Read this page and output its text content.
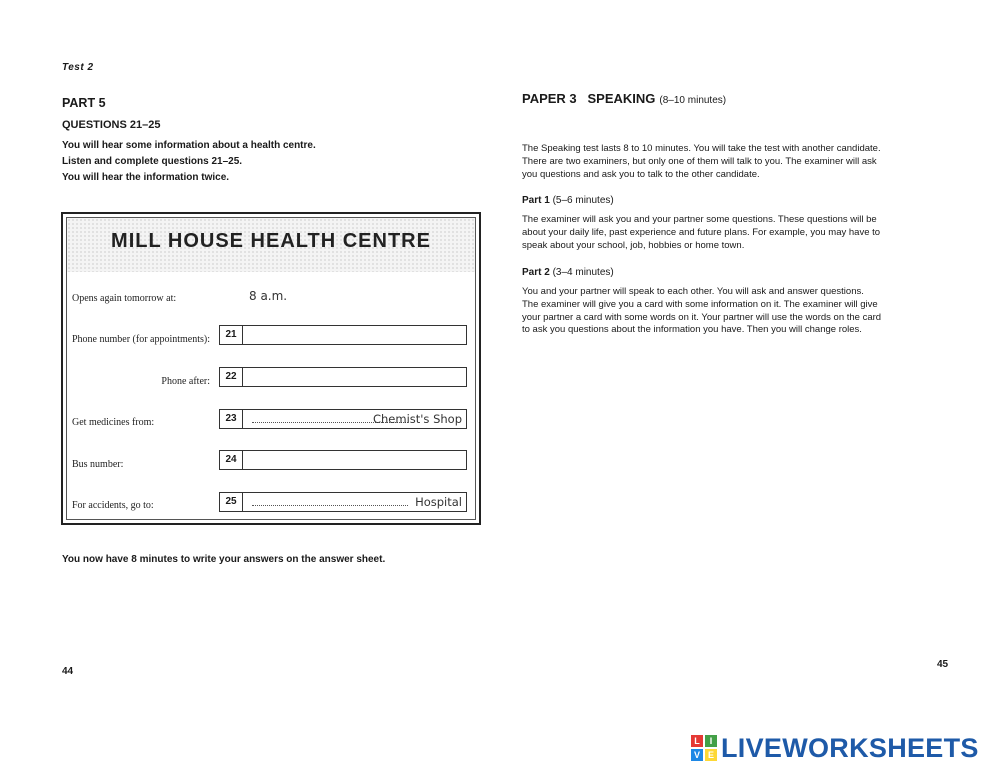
Test 2
PART 5
QUESTIONS 21–25
You will hear some information about a health centre.
Listen and complete questions 21–25.
You will hear the information twice.
MILL HOUSE HEALTH CENTRE
Opens again tomorrow at:	8 a.m.
Phone number (for appointments):	21
Phone after:	22
Get medicines from:	23	Chemist's Shop
Bus number:	24
For accidents, go to:	25	Hospital
You now have 8 minutes to write your answers on the answer sheet.
44
PAPER 3   SPEAKING (8–10 minutes)
The Speaking test lasts 8 to 10 minutes. You will take the test with another candidate. There are two examiners, but only one of them will talk to you. The examiner will ask you questions and ask you to talk to the other candidate.
Part 1 (5–6 minutes)
The examiner will ask you and your partner some questions. These questions will be about your daily life, past experience and future plans. For example, you may have to speak about your school, job, hobbies or home town.
Part 2 (3–4 minutes)
You and your partner will speak to each other. You will ask and answer questions. The examiner will give you a card with some information on it. The examiner will give your partner a card with some words on it. Your partner will use the words on the card to ask you questions about the information you have. Then you will change roles.
45
L	I
V E LIVEWORKSHEETS
